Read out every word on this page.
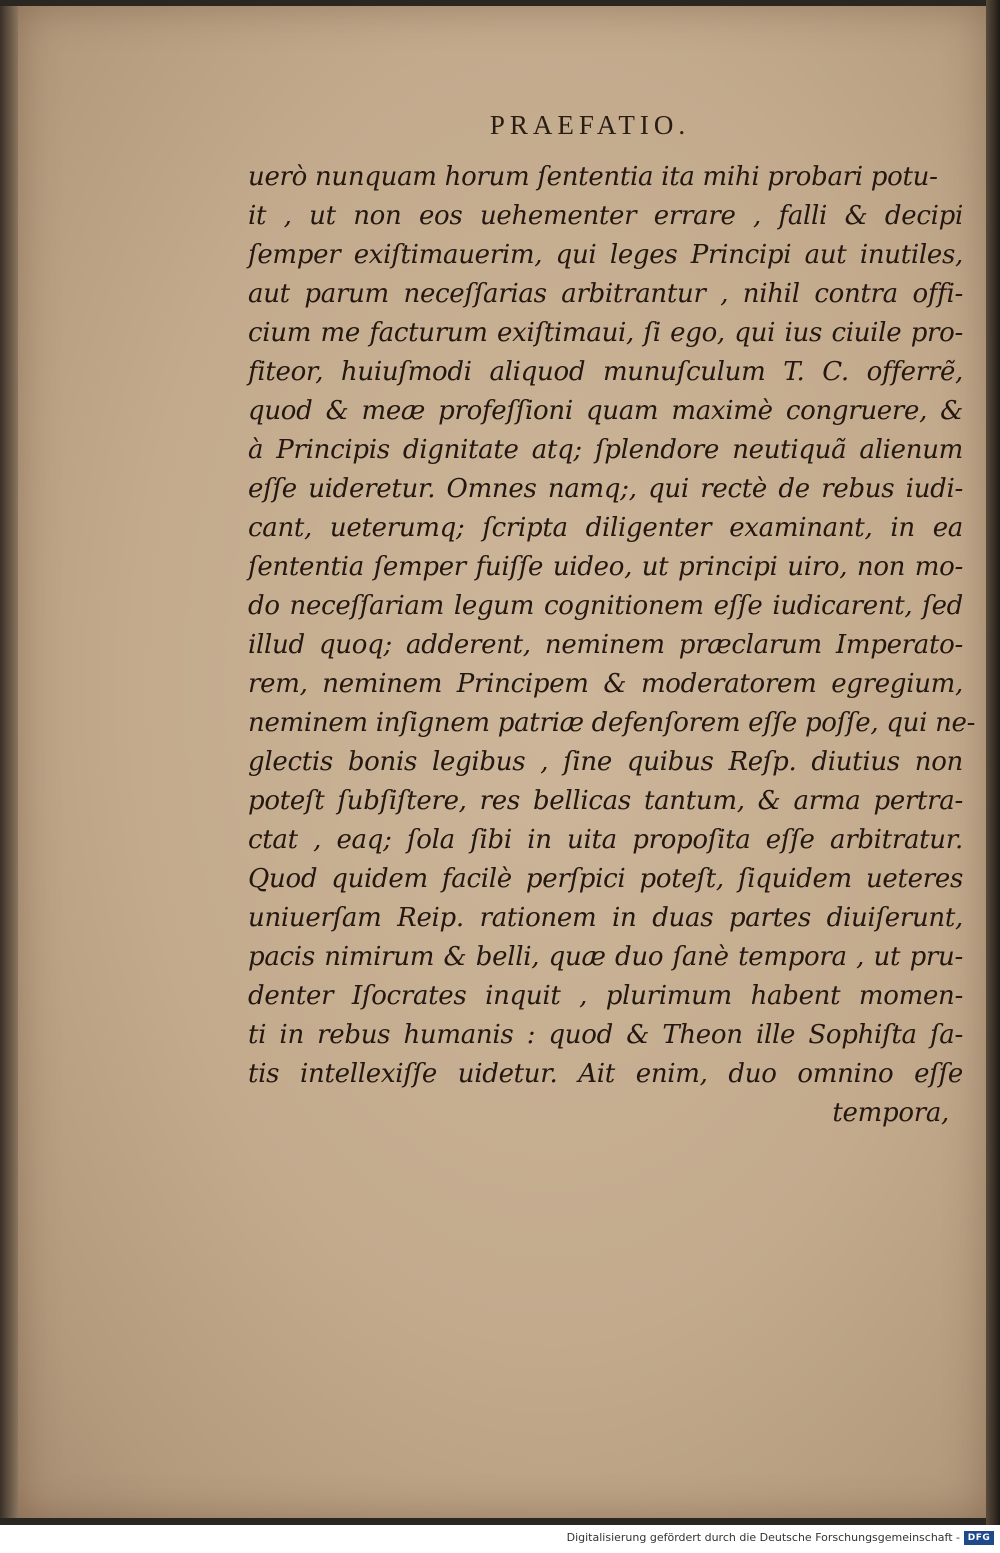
PRAEFATIO.
uerò nunquam horum ſententia ita mihi probari potu-
it , ut non eos uehementer errare , falli & decipi
ſemper exiſtimauerim, qui leges Principi aut inutiles,
aut parum neceſſarias arbitrantur , nihil contra offi-
cium me facturum exiſtimaui, ſi ego, qui ius ciuile pro-
fiteor, huiuſmodi aliquod munuſculum T. C. offerrẽ,
quod & meæ profeſſioni quam maximè congruere, &
à Principis dignitate atq; ſplendore neutiquã alienum
eſſe uideretur. Omnes namq;, qui rectè de rebus iudi-
cant, ueterumq; ſcripta diligenter examinant, in ea
ſententia ſemper fuiſſe uideo, ut principi uiro, non mo-
do neceſſariam legum cognitionem eſſe iudicarent, ſed
illud quoq; adderent, neminem præclarum Imperato-
rem, neminem Principem & moderatorem egregium,
neminem inſignem patriæ defenſorem eſſe poſſe, qui ne-
glectis bonis legibus , ſine quibus Reſp. diutius non
poteſt ſubſiſtere, res bellicas tantum, & arma pertra-
ctat , eaq; ſola ſibi in uita propoſita eſſe arbitratur.
Quod quidem facilè perſpici poteſt, ſiquidem ueteres
uniuerſam Reip. rationem in duas partes diuiſerunt,
pacis nimirum & belli, quæ duo ſanè tempora , ut pru-
denter Iſocrates inquit , plurimum habent momen-
ti in rebus humanis : quod & Theon ille Sophiſta ſa-
tis intellexiſſe uidetur. Ait enim, duo omnino eſſe
tempora,
Digitalisierung gefördert durch die Deutsche Forschungsgemeinschaft - DFG
